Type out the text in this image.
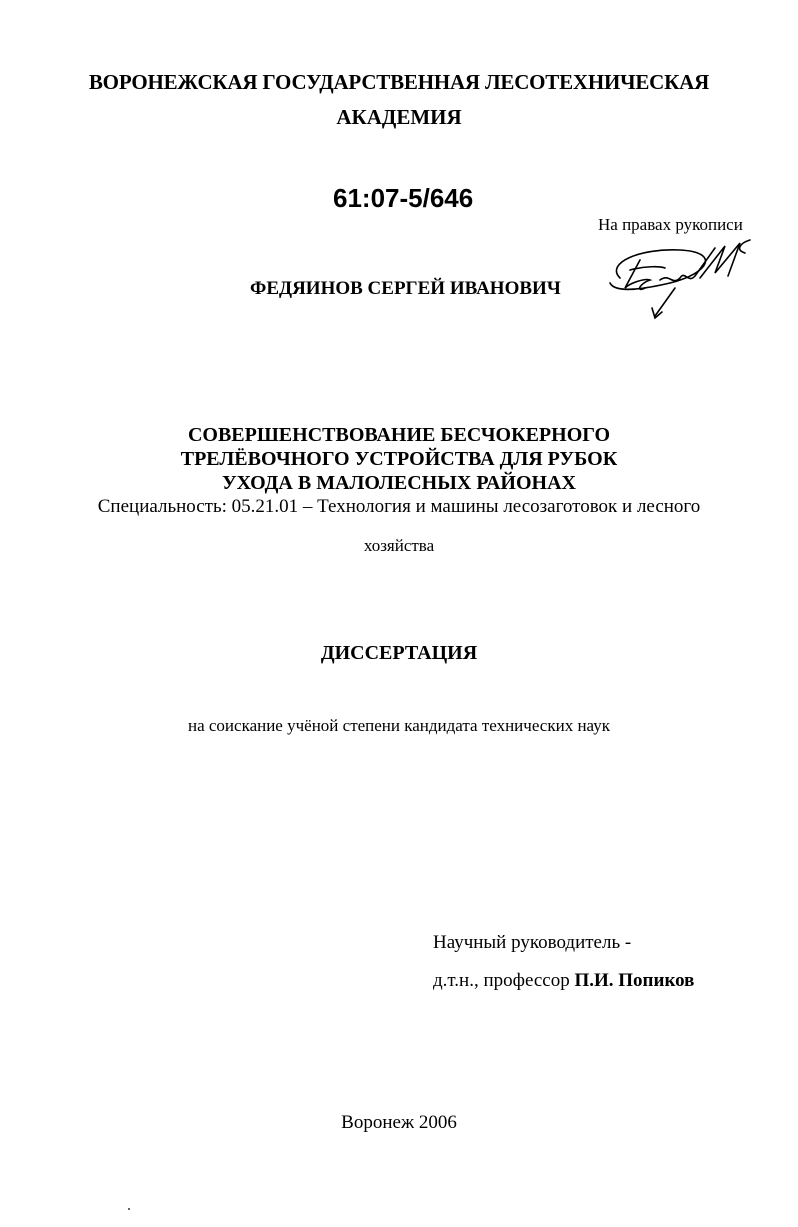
ВОРОНЕЖСКАЯ ГОСУДАРСТВЕННАЯ ЛЕСОТЕХНИЧЕСКАЯ
АКАДЕМИЯ
61:07-5/646
На правах рукописи
ФЕДЯИНОВ СЕРГЕЙ ИВАНОВИЧ
СОВЕРШЕНСТВОВАНИЕ БЕСЧОКЕРНОГО
ТРЕЛЁВОЧНОГО УСТРОЙСТВА ДЛЯ РУБОК
УХОДА В МАЛОЛЕСНЫХ РАЙОНАХ
Специальность: 05.21.01 – Технология и машины лесозаготовок и лесного
хозяйства
ДИССЕРТАЦИЯ
на соискание учёной степени кандидата технических наук
Научный руководитель -
д.т.н., профессор П.И. Попиков
Воронеж 2006
